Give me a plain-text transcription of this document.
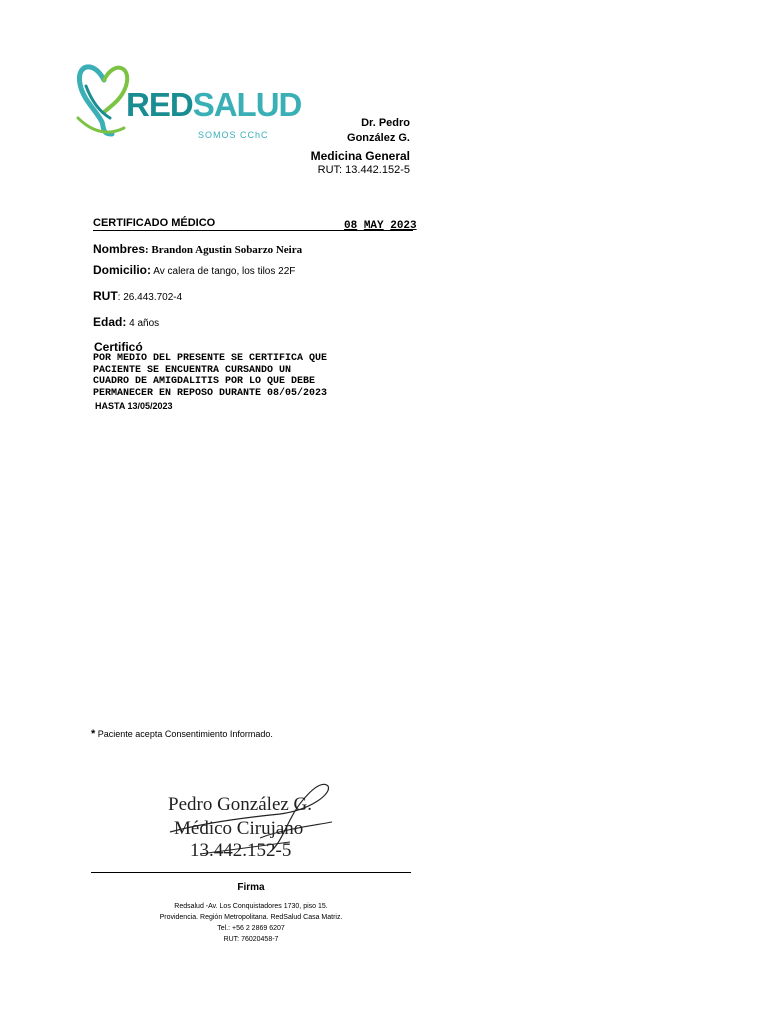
REDSALUD
SOMOS CChC
Dr. Pedro
González G.
Medicina General
RUT: 13.442.152-5
CERTIFICADO MÉDICO	08 MAY 2023
Nombres: Brandon Agustin Sobarzo Neira
Domicilio: Av calera de tango, los tilos 22F
RUT: 26.443.702-4
Edad: 4 años
Certificó
POR MEDIO DEL PRESENTE SE CERTIFICA QUE
PACIENTE SE ENCUENTRA CURSANDO UN
CUADRO DE AMIGDALITIS POR LO QUE DEBE
PERMANECER EN REPOSO DURANTE 08/05/2023
HASTA 13/05/2023
* Paciente acepta Consentimiento Informado.
Pedro González G.
Médico Cirujano
13.442.152-5
Firma
Redsalud -Av. Los Conquistadores 1730, piso 15.
Providencia. Región Metropolitana. RedSalud Casa Matriz.
Tel.: +56 2 2869 6207
RUT: 76020458-7
